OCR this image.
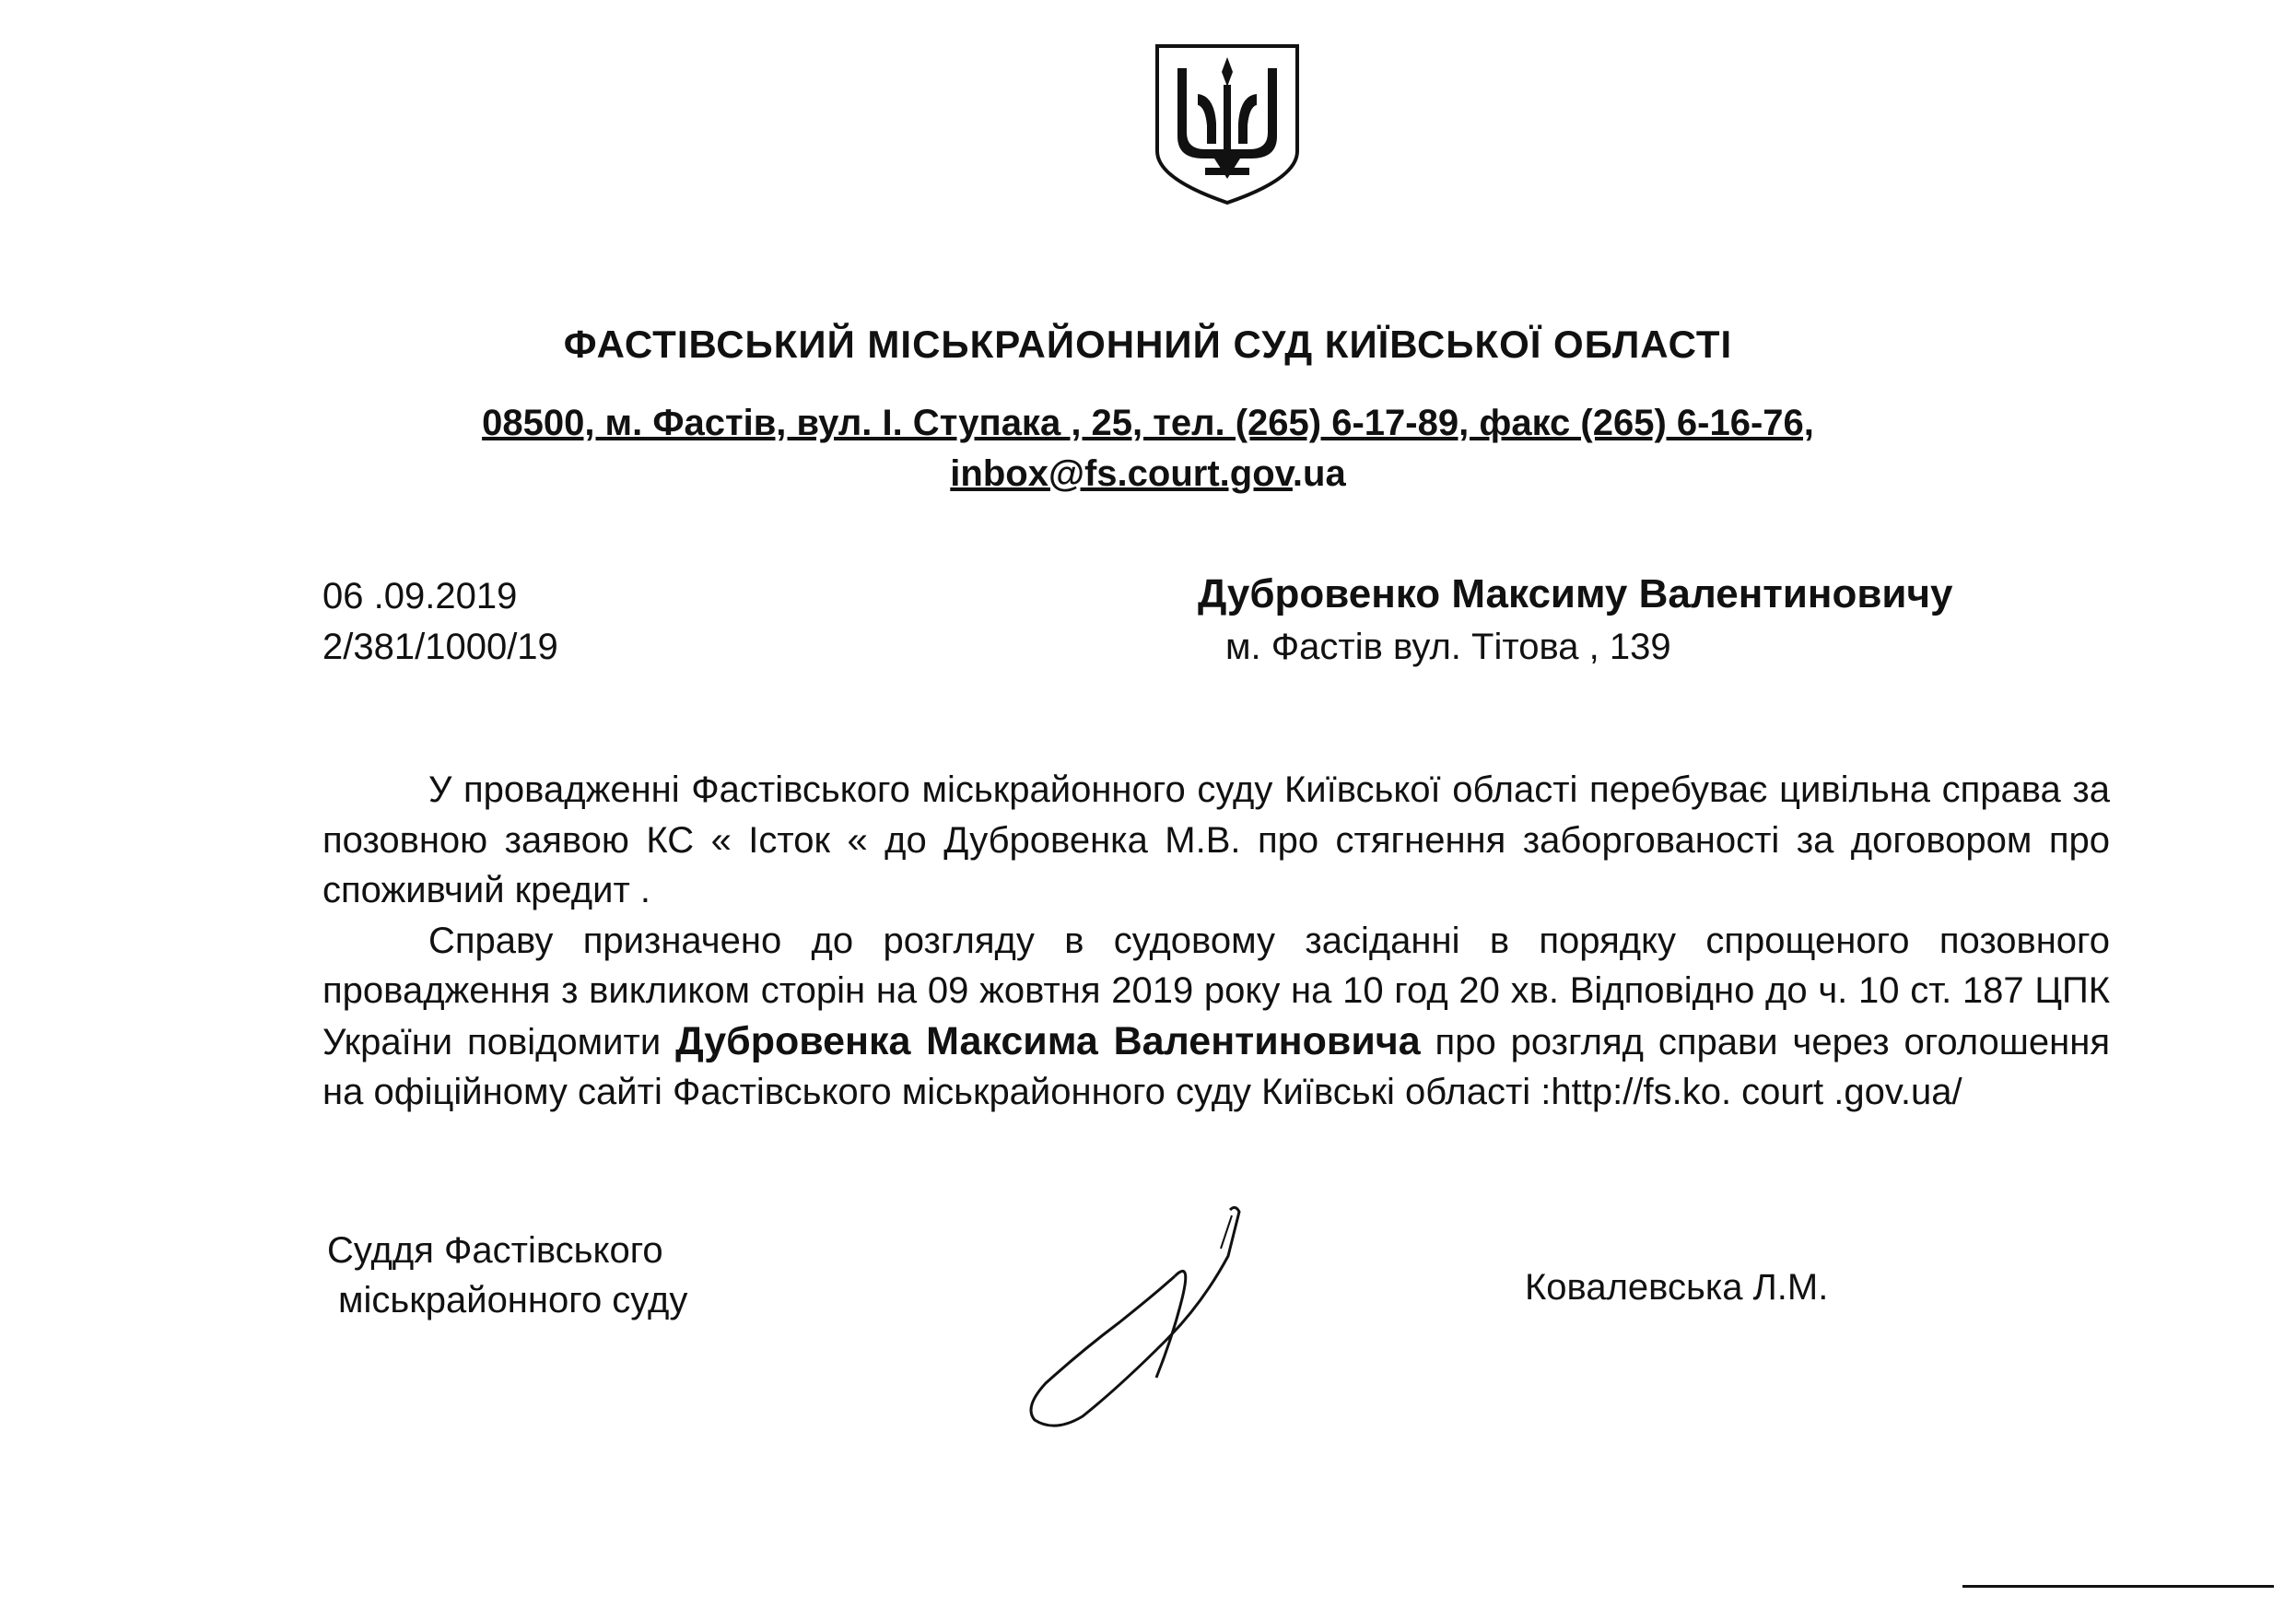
ФАСТІВСЬКИЙ МІСЬКРАЙОННИЙ СУД КИЇВСЬКОЇ ОБЛАСТІ
08500, м. Фастів, вул. І. Ступака , 25, тел. (265) 6-17-89, факс (265) 6-16-76,
inbox@fs.court.gov.ua
06 .09.2019
2/381/1000/19
Дубровенко Максиму Валентиновичу
м. Фастів вул. Тітова , 139

У провадженні Фастівського міськрайонного суду Київської області перебуває цивільна справа за позовною заявою КС « Істок « до Дубровенка М.В. про стягнення заборгованості за договором про споживчий кредит .

Справу призначено до розгляду в судовому засіданні в порядку спрощеного позовного провадження з викликом сторін на 09 жовтня 2019 року на 10 год 20 хв. Відповідно до ч. 10 ст. 187 ЦПК України повідомити Дубровенка Максима Валентиновича про розгляд справи через оголошення на офіційному сайті Фастівського міськрайонного суду Київські області :http://fs.ko. court .gov.ua/

Суддя Фастівського
міськрайонного суду	Ковалевська Л.М.
